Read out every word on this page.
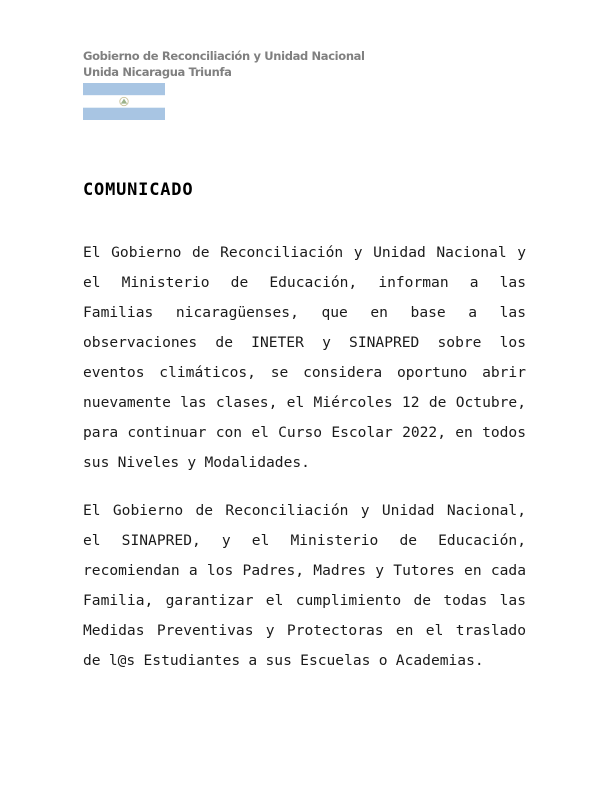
Gobierno de Reconciliación y Unidad Nacional
Unida Nicaragua Triunfa
COMUNICADO

El Gobierno de Reconciliación y Unidad Nacional y el Ministerio de Educación, informan a las Familias nicaragüenses, que en base a las observaciones de INETER y SINAPRED sobre los eventos climáticos, se considera oportuno abrir nuevamente las clases, el Miércoles 12 de Octubre, para continuar con el Curso Escolar 2022, en todos sus Niveles y Modalidades.

El Gobierno de Reconciliación y Unidad Nacional, el SINAPRED, y el Ministerio de Educación, recomiendan a los Padres, Madres y Tutores en cada Familia, garantizar el cumplimiento de todas las Medidas Preventivas y Protectoras en el traslado de l@s Estudiantes a sus Escuelas o Academias.
